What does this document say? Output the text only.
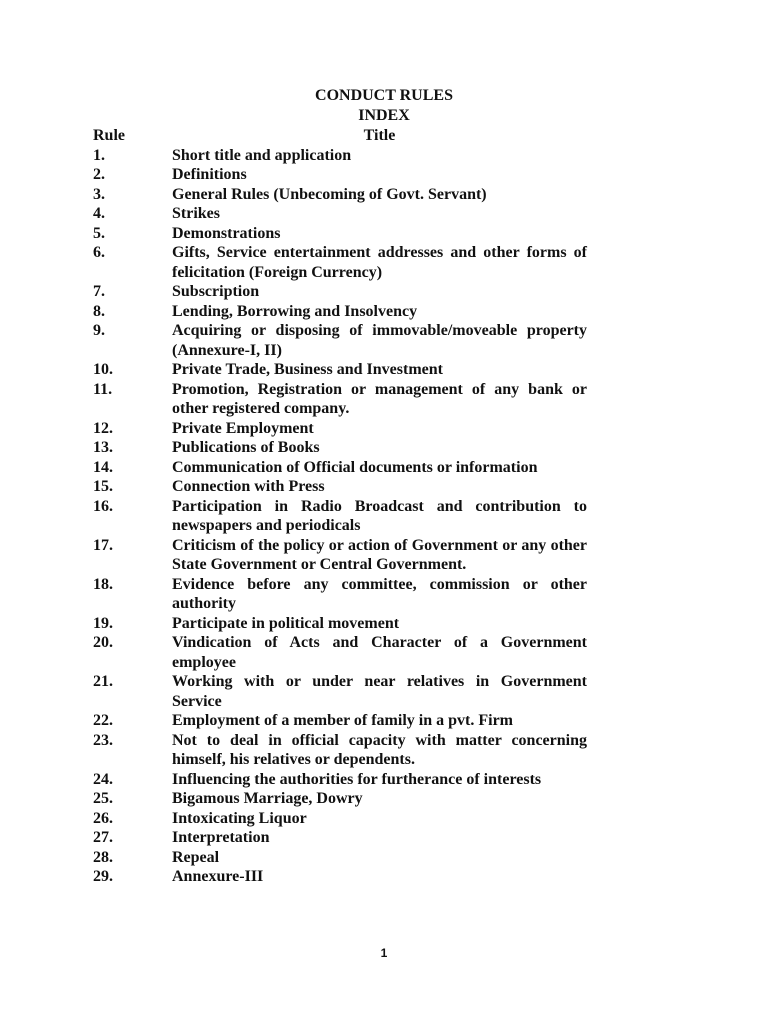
CONDUCT RULES
INDEX
Rule	Title
1.	Short title and application
2.	Definitions
3.	General Rules (Unbecoming of Govt. Servant)
4.	Strikes
5.	Demonstrations
6.	Gifts, Service entertainment addresses and other forms of felicitation (Foreign Currency)
7.	Subscription
8.	Lending, Borrowing and Insolvency
9.	Acquiring or disposing of immovable/moveable property (Annexure-I, II)
10.	Private Trade, Business and Investment
11.	Promotion, Registration or management of any bank or other registered company.
12.	Private Employment
13.	Publications of Books
14.	Communication of Official documents or information
15.	Connection with Press
16.	Participation in Radio Broadcast and contribution to newspapers and periodicals
17.	Criticism of the policy or action of Government or any other State Government or Central Government.
18.	Evidence before any committee, commission or other authority
19.	Participate in political movement
20.	Vindication of Acts and Character of a Government employee
21.	Working with or under near relatives in Government Service
22.	Employment of a member of family in a pvt. Firm
23.	Not to deal in official capacity with matter concerning himself, his relatives or dependents.
24.	Influencing the authorities for furtherance of interests
25.	Bigamous Marriage, Dowry
26.	Intoxicating Liquor
27.	Interpretation
28.	Repeal
29.	Annexure-III
1
